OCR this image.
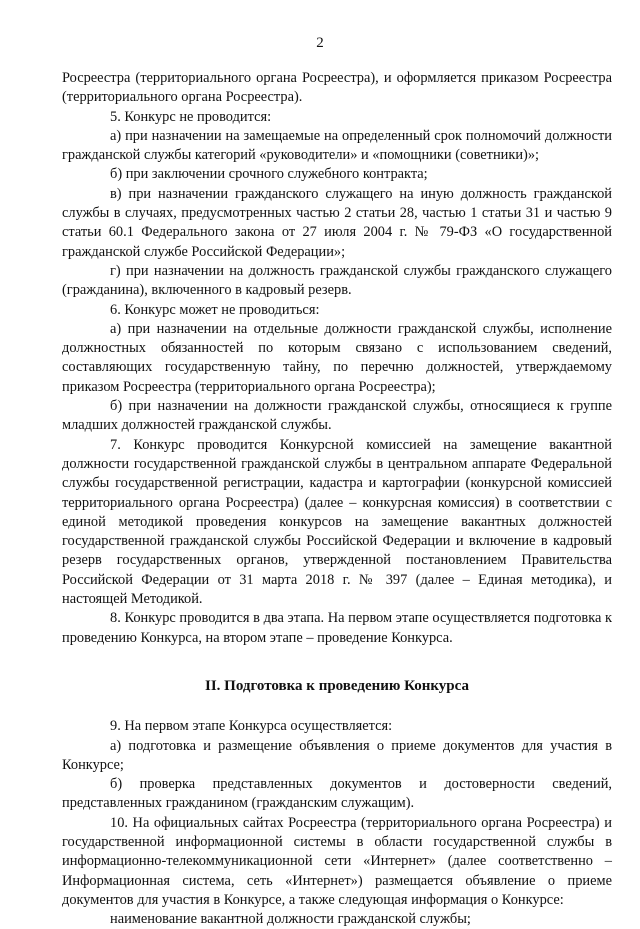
2

Росреестра (территориального органа Росреестра), и оформляется приказом Росреестра (территориального органа Росреестра).

5. Конкурс не проводится:

а) при назначении на замещаемые на определенный срок полномочий должности гражданской службы категорий «руководители» и «помощники (советники)»;

б) при заключении срочного служебного контракта;

в) при назначении гражданского служащего на иную должность гражданской службы в случаях, предусмотренных частью 2 статьи 28, частью 1 статьи 31 и частью 9 статьи 60.1 Федерального закона от 27 июля 2004 г. № 79-ФЗ «О государственной гражданской службе Российской Федерации»;

г) при назначении на должность гражданской службы гражданского служащего (гражданина), включенного в кадровый резерв.

6. Конкурс может не проводиться:

а) при назначении на отдельные должности гражданской службы, исполнение должностных обязанностей по которым связано с использованием сведений, составляющих государственную тайну, по перечню должностей, утверждаемому приказом Росреестра (территориального органа Росреестра);

б) при назначении на должности гражданской службы, относящиеся к группе младших должностей гражданской службы.

7. Конкурс проводится Конкурсной комиссией на замещение вакантной должности государственной гражданской службы в центральном аппарате Федеральной службы государственной регистрации, кадастра и картографии (конкурсной комиссией территориального органа Росреестра) (далее – конкурсная комиссия) в соответствии с единой методикой проведения конкурсов на замещение вакантных должностей государственной гражданской службы Российской Федерации и включение в кадровый резерв государственных органов, утвержденной постановлением Правительства Российской Федерации от 31 марта 2018 г. № 397 (далее – Единая методика), и настоящей Методикой.

8. Конкурс проводится в два этапа. На первом этапе осуществляется подготовка к проведению Конкурса, на втором этапе – проведение Конкурса.

II. Подготовка к проведению Конкурса

9. На первом этапе Конкурса осуществляется:

а) подготовка и размещение объявления о приеме документов для участия в Конкурсе;

б) проверка представленных документов и достоверности сведений, представленных гражданином (гражданским служащим).

10. На официальных сайтах Росреестра (территориального органа Росреестра) и государственной информационной системы в области государственной службы в информационно-телекоммуникационной сети «Интернет» (далее соответственно – Информационная система, сеть «Интернет») размещается объявление о приеме документов для участия в Конкурсе, а также следующая информация о Конкурсе:

наименование вакантной должности гражданской службы;
